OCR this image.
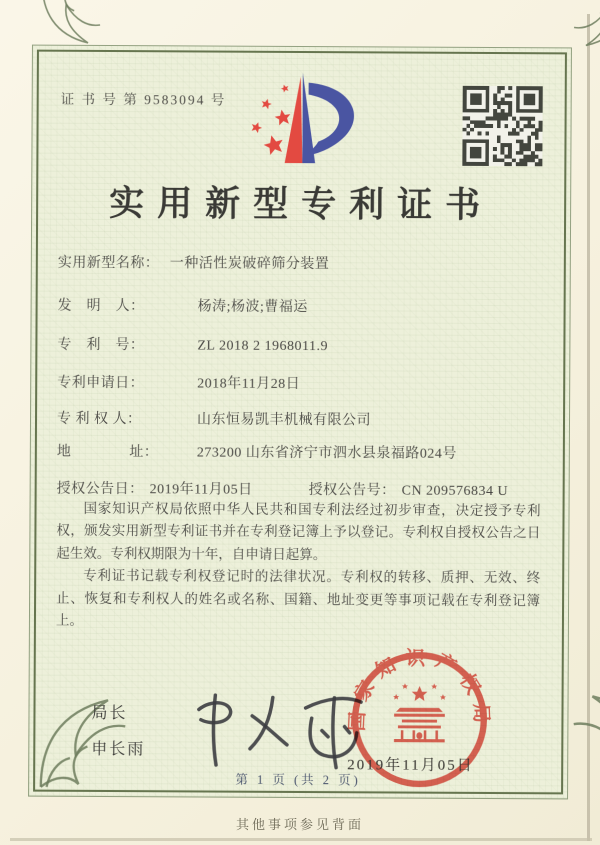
证 书 号 第 9583094 号
实用新型专利证书
实用新型名称： 一种活性炭破碎筛分装置
发　明　人：	杨涛;杨波;曹福运
专　利　号：	ZL 2018 2 1968011.9
专利申请日：	2018年11月28日
专 利 权 人：	山东恒易凯丰机械有限公司
地　　　　址：	273200 山东省济宁市泗水县泉福路024号
授权公告日： 2019年11月05日	授权公告号： CN 209576834 U

国家知识产权局依照中华人民共和国专利法经过初步审查，决定授予专利权，颁发实用新型专利证书并在专利登记簿上予以登记。专利权自授权公告之日起生效。专利权期限为十年，自申请日起算。

专利证书记载专利权登记时的法律状况。专利权的转移、质押、无效、终止、恢复和专利权人的姓名或名称、国籍、地址变更等事项记载在专利登记簿上。

局长
申长雨
国家知识产权局
2019年11月05日
第 1 页 (共 2 页)
其他事项参见背面
